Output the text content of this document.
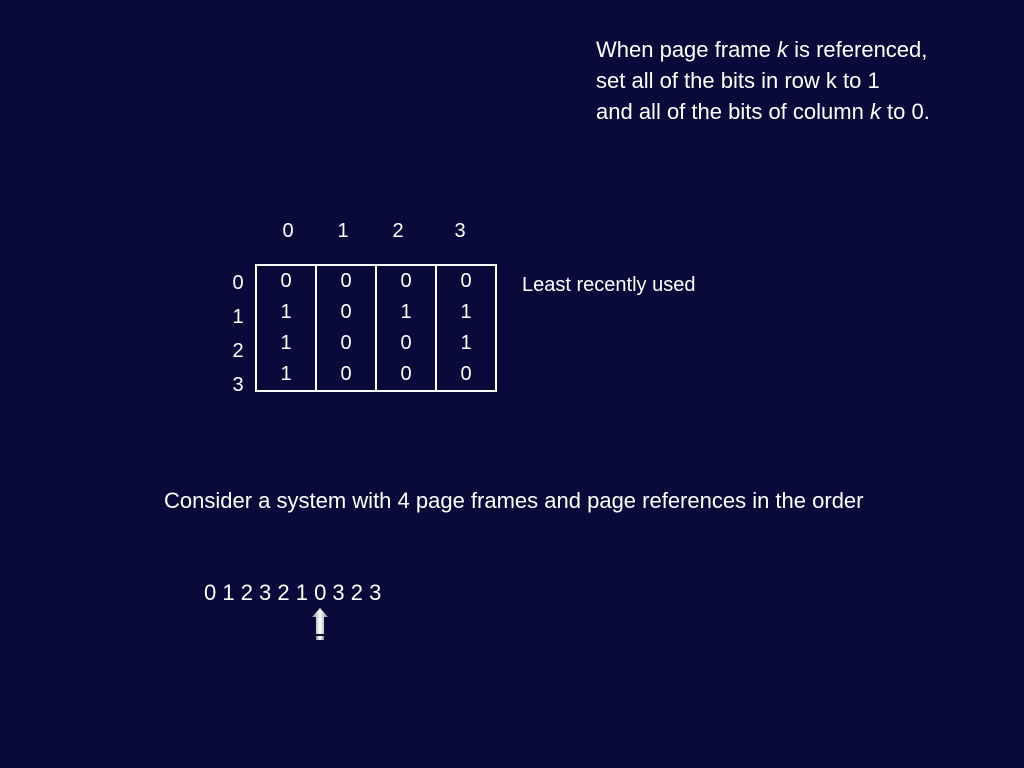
When page frame k is referenced,
set all of the bits in row k to 1
and all of the bits of column k to 0.
0	1	2	3
0
1
2
3
0	0	0	0
1	0	1	1
1	0	0	1
1	0	0	0
Least recently used
Consider a system with 4 page frames and page references in the order
0 1 2 3 2 1 0 3 2 3
